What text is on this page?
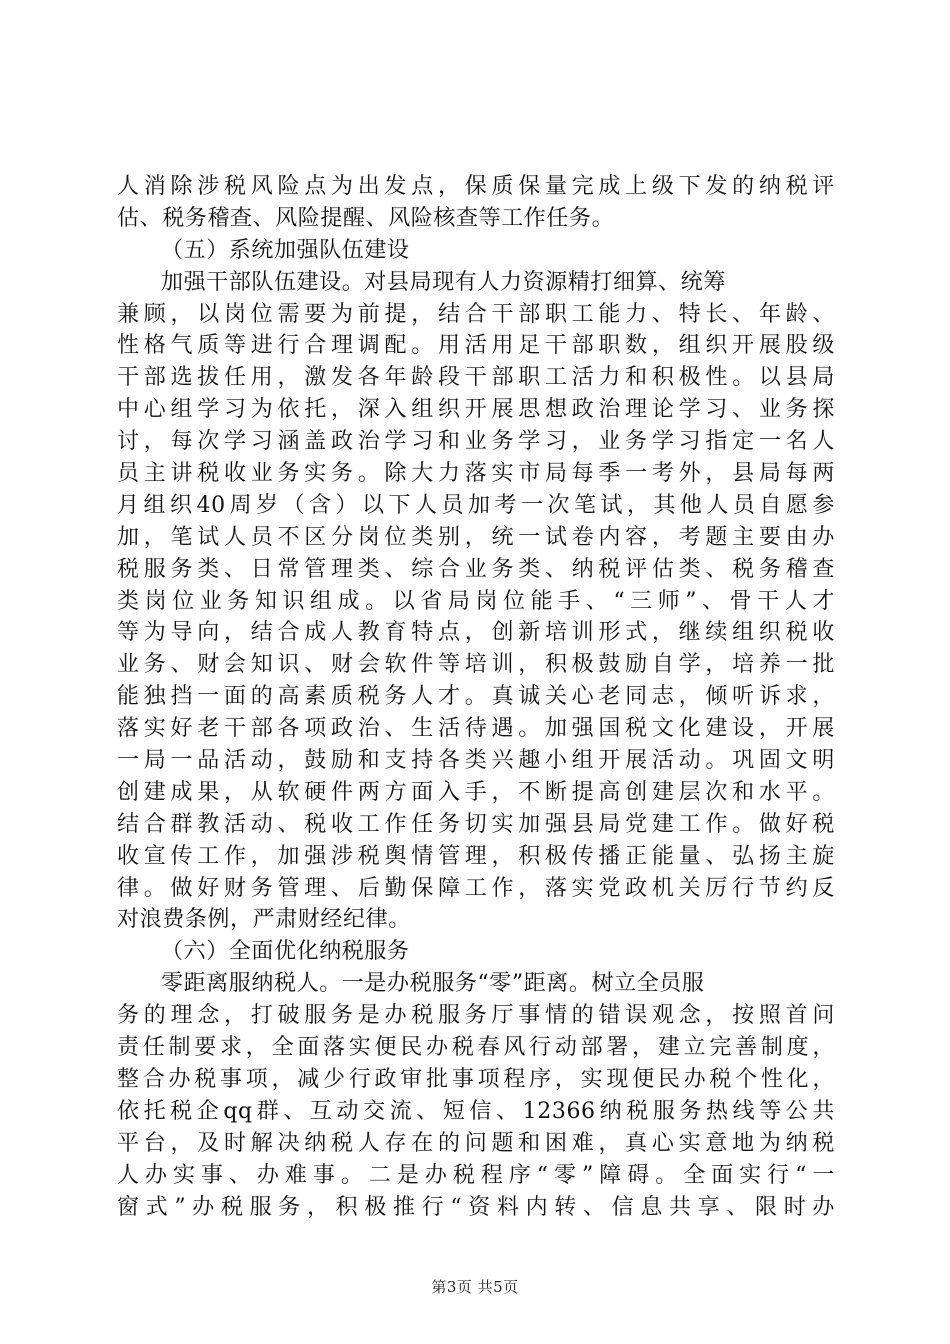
人消除涉税风险点为出发点，保质保量完成上级下发的纳税评
估、税务稽查、风险提醒、风险核查等工作任务。
（五）系统加强队伍建设
加强干部队伍建设。对县局现有人力资源精打细算、统筹
兼顾，以岗位需要为前提，结合干部职工能力、特长、年龄、
性格气质等进行合理调配。用活用足干部职数，组织开展股级
干部选拔任用，激发各年龄段干部职工活力和积极性。以县局
中心组学习为依托，深入组织开展思想政治理论学习、业务探
讨，每次学习涵盖政治学习和业务学习，业务学习指定一名人
员主讲税收业务实务。除大力落实市局每季一考外，县局每两
月组织40周岁（含）以下人员加考一次笔试，其他人员自愿参
加，笔试人员不区分岗位类别，统一试卷内容，考题主要由办
税服务类、日常管理类、综合业务类、纳税评估类、税务稽查
类岗位业务知识组成。以省局岗位能手、“三师”、骨干人才
等为导向，结合成人教育特点，创新培训形式，继续组织税收
业务、财会知识、财会软件等培训，积极鼓励自学，培养一批
能独挡一面的高素质税务人才。真诚关心老同志，倾听诉求，
落实好老干部各项政治、生活待遇。加强国税文化建设，开展
一局一品活动，鼓励和支持各类兴趣小组开展活动。巩固文明
创建成果，从软硬件两方面入手，不断提高创建层次和水平。
结合群教活动、税收工作任务切实加强县局党建工作。做好税
收宣传工作，加强涉税舆情管理，积极传播正能量、弘扬主旋
律。做好财务管理、后勤保障工作，落实党政机关厉行节约反
对浪费条例，严肃财经纪律。
（六）全面优化纳税服务
零距离服纳税人。一是办税服务“零”距离。树立全员服
务的理念，打破服务是办税服务厅事情的错误观念，按照首问
责任制要求，全面落实便民办税春风行动部署，建立完善制度，
整合办税事项，减少行政审批事项程序，实现便民办税个性化，
依托税企qq群、互动交流、短信、12366纳税服务热线等公共
平台，及时解决纳税人存在的问题和困难，真心实意地为纳税
人办实事、办难事。二是办税程序“零”障碍。全面实行“一
窗式”办税服务，积极推行“资料内转、信息共享、限时办
第3页 共5页
